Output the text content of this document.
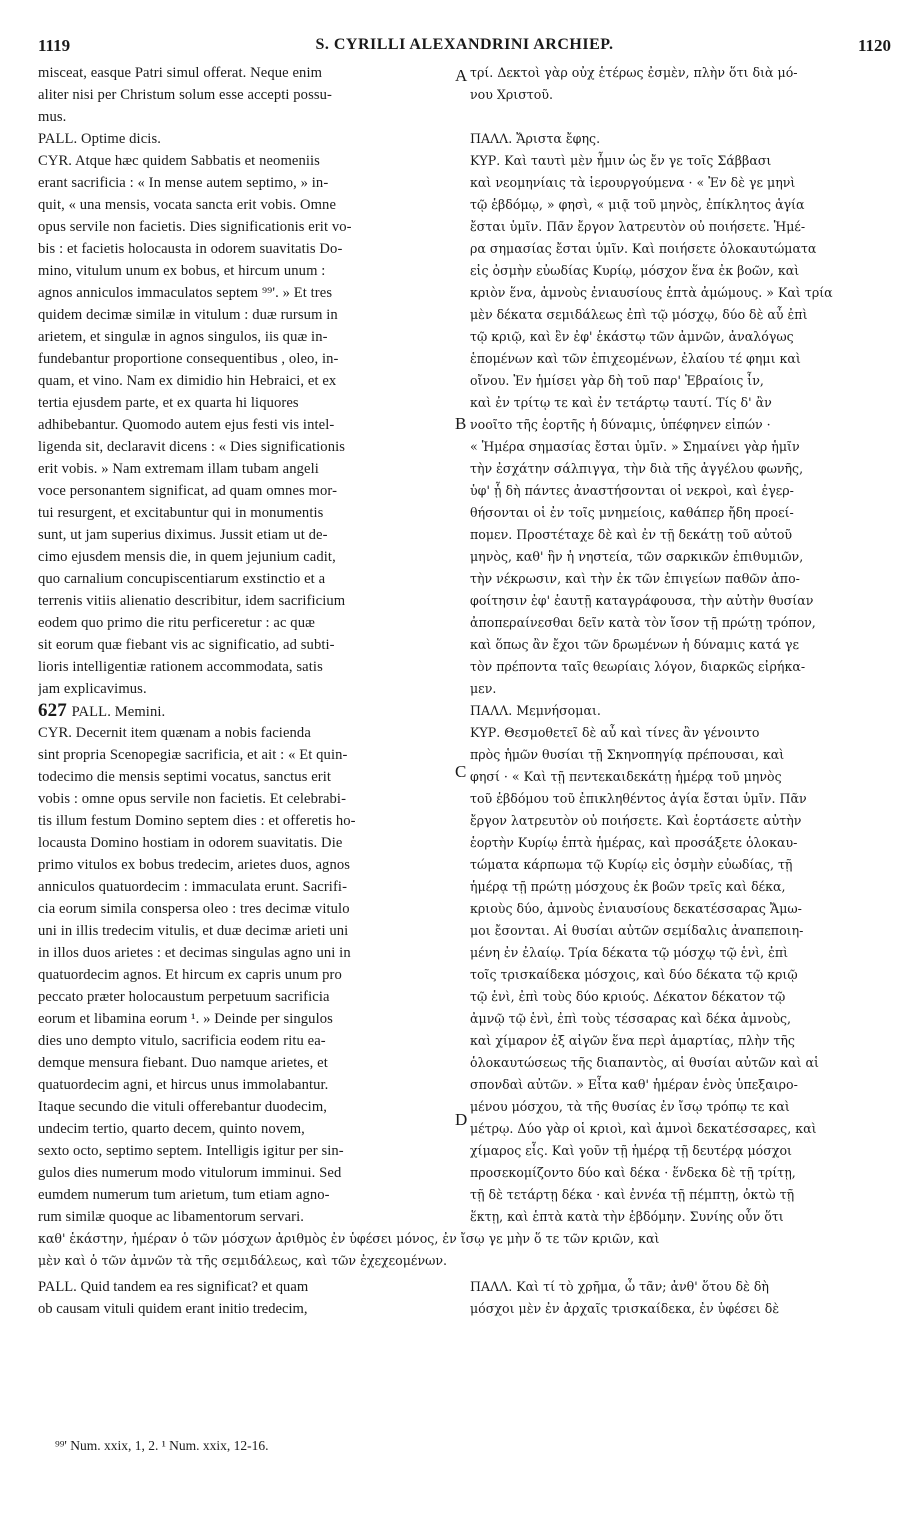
1119	S. CYRILLI ALEXANDRINI ARCHIEP.	1120
misceat, easque Patri simul offerat. Neque enim
aliter nisi per Christum solum esse accepti possu-
mus.
PALL. Optime dicis.
CYR. Atque hæc quidem Sabbatis et neomeniis
erant sacrificia : « In mense autem septimo, » in-
quit, « una mensis, vocata sancta erit vobis. Omne
opus servile non facietis. Dies significationis erit vo-
bis : et facietis holocausta in odorem suavitatis Do-
mino, vitulum unum ex bobus, et hircum unum :
agnos anniculos immaculatos septem ⁹⁹'. » Et tres
quidem decimæ similæ in vitulum : duæ rursum in
arietem, et singulæ in agnos singulos, iis quæ in-
fundebantur proportione consequentibus , oleo, in-
quam, et vino. Nam ex dimidio hin Hebraici, et ex
tertia ejusdem parte, et ex quarta hi liquores
adhibebantur. Quomodo autem ejus festi vis intel-
ligenda sit, declaravit dicens : « Dies significationis
erit vobis. » Nam extremam illam tubam angeli
voce personantem significat, ad quam omnes mor-
tui resurgent, et excitabuntur qui in monumentis
sunt, ut jam superius diximus. Jussit etiam ut de-
cimo ejusdem mensis die, in quem jejunium cadit,
quo carnalium concupiscentiarum exstinctio et a
terrenis vitiis alienatio describitur, idem sacrificium
eodem quo primo die ritu perficeretur : ac quæ
sit eorum quæ fiebant vis ac significatio, ad subti-
lioris intelligentiæ rationem accommodata, satis
jam explicavimus.
627 PALL. Memini.
CYR. Decernit item quænam a nobis facienda
sint propria Scenopegiæ sacrificia, et ait : « Et quin-
todecimo die mensis septimi vocatus, sanctus erit
vobis : omne opus servile non facietis. Et celebrabi-
tis illum festum Domino septem dies : et offeretis ho-
locausta Domino hostiam in odorem suavitatis. Die
primo vitulos ex bobus tredecim, arietes duos, agnos
anniculos quatuordecim : immaculata erunt. Sacrifi-
cia eorum simila conspersa oleo : tres decimæ vitulo
uni in illis tredecim vitulis, et duæ decimæ arieti uni
in illos duos arietes : et decimas singulas agno uni in
quatuordecim agnos. Et hircum ex capris unum pro
peccato præter holocaustum perpetuum sacrificia
eorum et libamina eorum ¹. » Deinde per singulos
dies uno dempto vitulo, sacrificia eodem ritu ea-
demque mensura fiebant. Duo namque arietes, et
quatuordecim agni, et hircus unus immolabantur.
Itaque secundo die vituli offerebantur duodecim,
undecim tertio, quarto decem, quinto novem,
sexto octo, septimo septem. Intelligis igitur per sin-
gulos dies numerum modo vitulorum imminui. Sed
eumdem numerum tum arietum, tum etiam agno-
rum similæ quoque ac libamentorum servari.
τρί. Δεκτοὶ γὰρ οὐχ ἑτέρως ἐσμὲν, πλὴν ὅτι διὰ μό-
νου Χριστοῦ.
ΠΑΛΛ. Ἄριστα ἔφης.
ΚΥΡ. Καὶ ταυτὶ μὲν ἦμιν ὡς ἔν γε τοῖς Σάββασι
καὶ νεομηνίαις τὰ ἱερουργούμενα · « Ἐν δὲ γε μηνὶ
τῷ ἑβδόμῳ, » φησὶ, « μιᾷ τοῦ μηνὸς, ἐπίκλητος ἁγία
ἔσται ὑμῖν. Πᾶν ἔργον λατρευτὸν οὐ ποιήσετε. Ἡμέ-
ρα σημασίας ἔσται ὑμῖν. Καὶ ποιήσετε ὁλοκαυτώματα
εἰς ὀσμὴν εὐωδίας Κυρίῳ, μόσχον ἕνα ἐκ βοῶν, καὶ
κριὸν ἕνα, ἀμνοὺς ἐνιαυσίους ἑπτὰ ἀμώμους. » Καὶ τρία
μὲν δέκατα σεμιδάλεως ἐπὶ τῷ μόσχῳ, δύο δὲ αὖ ἐπὶ
τῷ κριῷ, καὶ ἓν ἐφ' ἑκάστῳ τῶν ἀμνῶν, ἀναλόγως
ἑπομένων καὶ τῶν ἐπιχεομένων, ἐλαίου τέ φημι καὶ
οἴνου. Ἐν ἡμίσει γὰρ δὴ τοῦ παρ' Ἑβραίοις ἶν,
καὶ ἐν τρίτῳ τε καὶ ἐν τετάρτῳ ταυτί. Τίς δ' ἂν
νοοῖτο τῆς ἑορτῆς ἡ δύναμις, ὑπέφηνεν εἰπών ·
« Ἡμέρα σημασίας ἔσται ὑμῖν. » Σημαίνει γὰρ ἡμῖν
τὴν ἐσχάτην σάλπιγγα, τὴν διὰ τῆς ἀγγέλου φωνῆς,
ὑφ' ᾗ δὴ πάντες ἀναστήσονται οἱ νεκροὶ, καὶ ἐγερ-
θήσονται οἱ ἐν τοῖς μνημείοις, καθάπερ ἤδη προεί-
πομεν. Προστέταχε δὲ καὶ ἐν τῇ δεκάτῃ τοῦ αὐτοῦ
μηνὸς, καθ' ἣν ἡ νηστεία, τῶν σαρκικῶν ἐπιθυμιῶν,
τὴν νέκρωσιν, καὶ τὴν ἐκ τῶν ἐπιγείων παθῶν ἀπο-
φοίτησιν ἐφ' ἑαυτῇ καταγράφουσα, τὴν αὐτὴν θυσίαν
ἀποπεραίνεσθαι δεῖν κατὰ τὸν ἴσον τῇ πρώτῃ τρόπον,
καὶ ὅπως ἂν ἔχοι τῶν δρωμένων ἡ δύναμις κατά γε
τὸν πρέποντα ταῖς θεωρίαις λόγον, διαρκῶς εἰρήκα-
μεν.
ΠΑΛΛ. Μεμνήσομαι.
ΚΥΡ. Θεσμοθετεῖ δὲ αὖ καὶ τίνες ἂν γένοιντο
πρὸς ἡμῶν θυσίαι τῇ Σκηνοπηγίᾳ πρέπουσαι, καὶ
φησί · « Καὶ τῇ πεντεκαιδεκάτῃ ἡμέρᾳ τοῦ μηνὸς
τοῦ ἑβδόμου τοῦ ἐπικληθέντος ἁγία ἔσται ὑμῖν. Πᾶν
ἔργον λατρευτὸν οὐ ποιήσετε. Καὶ ἑορτάσετε αὐτὴν
ἑορτὴν Κυρίῳ ἑπτὰ ἡμέρας, καὶ προσάξετε ὁλοκαυ-
τώματα κάρπωμα τῷ Κυρίῳ εἰς ὀσμὴν εὐωδίας, τῇ
ἡμέρᾳ τῇ πρώτῃ μόσχους ἐκ βοῶν τρεῖς καὶ δέκα,
κριοὺς δύο, ἀμνοὺς ἐνιαυσίους δεκατέσσαρας Ἄμω-
μοι ἔσονται. Αἱ θυσίαι αὐτῶν σεμίδαλις ἀναπεποιη-
μένη ἐν ἐλαίῳ. Τρία δέκατα τῷ μόσχῳ τῷ ἑνὶ, ἐπὶ
τοῖς τρισκαίδεκα μόσχοις, καὶ δύο δέκατα τῷ κριῷ
τῷ ἑνὶ, ἐπὶ τοὺς δύο κριούς. Δέκατον δέκατον τῷ
ἀμνῷ τῷ ἑνὶ, ἐπὶ τοὺς τέσσαρας καὶ δέκα ἀμνοὺς,
καὶ χίμαρον ἐξ αἰγῶν ἕνα περὶ ἁμαρτίας, πλὴν τῆς
ὁλοκαυτώσεως τῆς διαπαντὸς, αἱ θυσίαι αὐτῶν καὶ αἱ
σπονδαὶ αὐτῶν. » Εἶτα καθ' ἡμέραν ἑνὸς ὑπεξαιρο-
μένου μόσχου, τὰ τῆς θυσίας ἐν ἴσῳ τρόπῳ τε καὶ
μέτρῳ. Δύο γὰρ οἱ κριοὶ, καὶ ἀμνοὶ δεκατέσσαρες, καὶ
χίμαρος εἷς. Καὶ γοῦν τῇ ἡμέρᾳ τῇ δευτέρᾳ μόσχοι
προσεκομίζοντο δύο καὶ δέκα · ἕνδεκα δὲ τῇ τρίτῃ,
τῇ δὲ τετάρτῃ δέκα · καὶ ἐννέα τῇ πέμπτῃ, ὀκτὼ τῇ
ἕκτῃ, καὶ ἑπτὰ κατὰ τὴν ἑβδόμην. Συνίης οὖν ὅτι
A
B
C
D
καθ' ἑκάστην, ἡμέραν ὁ τῶν μόσχων ἀριθμὸς ἐν ὑφέσει μόνος, ἐν ἴσῳ γε μὴν ὅ τε τῶν κριῶν, καὶ
μὲν καὶ ὁ τῶν ἀμνῶν τὰ τῆς σεμιδάλεως, καὶ τῶν ἐχεχεομένων.
PALL. Quid tandem ea res significat? et quam	ΠΑΛΛ. Καὶ τί τὸ χρῆμα, ὦ τᾶν; ἀνθ' ὅτου δὲ δὴ
ob causam vituli quidem erant initio tredecim,	μόσχοι μὲν ἐν ἀρχαῖς τρισκαίδεκα, ἐν ὑφέσει δὲ
⁹⁹' Num. xxix, 1, 2. ¹ Num. xxix, 12-16.
